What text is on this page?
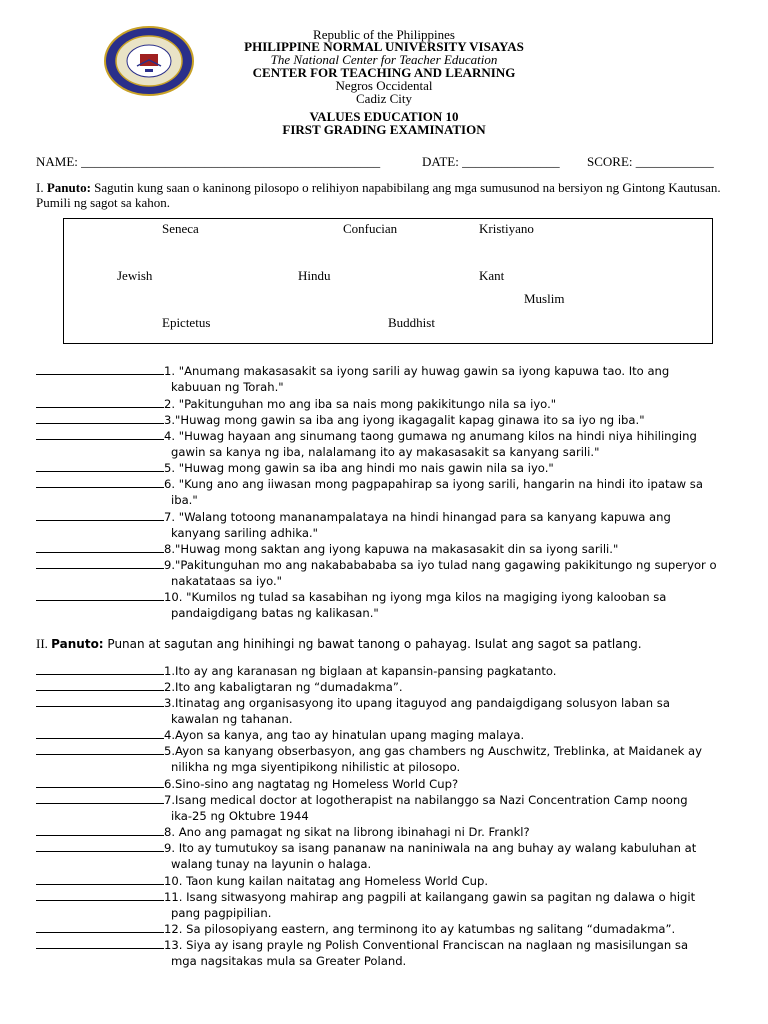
Republic of the Philippines
PHILIPPINE NORMAL UNIVERSITY VISAYAS
The National Center for Teacher Education
CENTER FOR TEACHING AND LEARNING
Negros Occidental
Cadiz City
VALUES EDUCATION 10
FIRST GRADING EXAMINATION
NAME: ______________________________________________	DATE: _______________ SCORE: ____________
I. Panuto: Sagutin kung saan o kaninong pilosopo o relihiyon napabibilang ang mga sumusunod na bersiyon ng Gintong Kautusan. Pumili ng sagot sa kahon.
Seneca	Confucian	Kristiyano
Jewish	Hindu	Kant
Muslim
Epictetus	Buddhist
1. "Anumang makasasakit sa iyong sarili ay huwag gawin sa iyong kapuwa tao. Ito ang
kabuuan ng Torah."
2. "Pakitunguhan mo ang iba sa nais mong pakikitungo nila sa iyo."
3."Huwag mong gawin sa iba ang iyong ikagagalit kapag ginawa ito sa iyo ng iba."
4. "Huwag hayaan ang sinumang taong gumawa ng anumang kilos na hindi niya hihilinging
gawin sa kanya ng iba, nalalamang ito ay makasasakit sa kanyang sarili."
5. "Huwag mong gawin sa iba ang hindi mo nais gawin nila sa iyo."
6. "Kung ano ang iiwasan mong pagpapahirap sa iyong sarili, hangarin na hindi ito ipataw sa
iba."
7. "Walang totoong mananampalataya na hindi hinangad para sa kanyang kapuwa ang
kanyang sariling adhika."
8."Huwag mong saktan ang iyong kapuwa na makasasakit din sa iyong sarili."
9."Pakitunguhan mo ang nakababababa sa iyo tulad nang gagawing pakikitungo ng superyor o
nakatataas sa iyo."
10. "Kumilos ng tulad sa kasabihan ng iyong mga kilos na magiging iyong kalooban sa
pandaigdigang batas ng kalikasan."
II. Panuto: Punan at sagutan ang hinihingi ng bawat tanong o pahayag. Isulat ang sagot sa patlang.
1.Ito ay ang karanasan ng biglaan at kapansin-pansing pagkatanto.
2.Ito ang kabaligtaran ng “dumadakma”.
3.Itinatag ang organisasyong ito upang itaguyod ang pandaigdigang solusyon laban sa
kawalan ng tahanan.
4.Ayon sa kanya, ang tao ay hinatulan upang maging malaya.
5.Ayon sa kanyang obserbasyon, ang gas chambers ng Auschwitz, Treblinka, at Maidanek ay
nilikha ng mga siyentipikong nihilistic at pilosopo.
6.Sino-sino ang nagtatag ng Homeless World Cup?
7.Isang medical doctor at logotherapist na nabilanggo sa Nazi Concentration Camp noong
ika-25 ng Oktubre 1944
8. Ano ang pamagat ng sikat na librong ibinahagi ni Dr. Frankl?
9. Ito ay tumutukoy sa isang pananaw na naniniwala na ang buhay ay walang kabuluhan at
walang tunay na layunin o halaga.
10. Taon kung kailan naitatag ang Homeless World Cup.
11. Isang sitwasyong mahirap ang pagpili at kailangang gawin sa pagitan ng dalawa o higit
pang pagpipilian.
12. Sa pilosopiyang eastern, ang terminong ito ay katumbas ng salitang “dumadakma”.
13. Siya ay isang prayle ng Polish Conventional Franciscan na naglaan ng masisilungan sa
mga nagsitakas mula sa Greater Poland.
